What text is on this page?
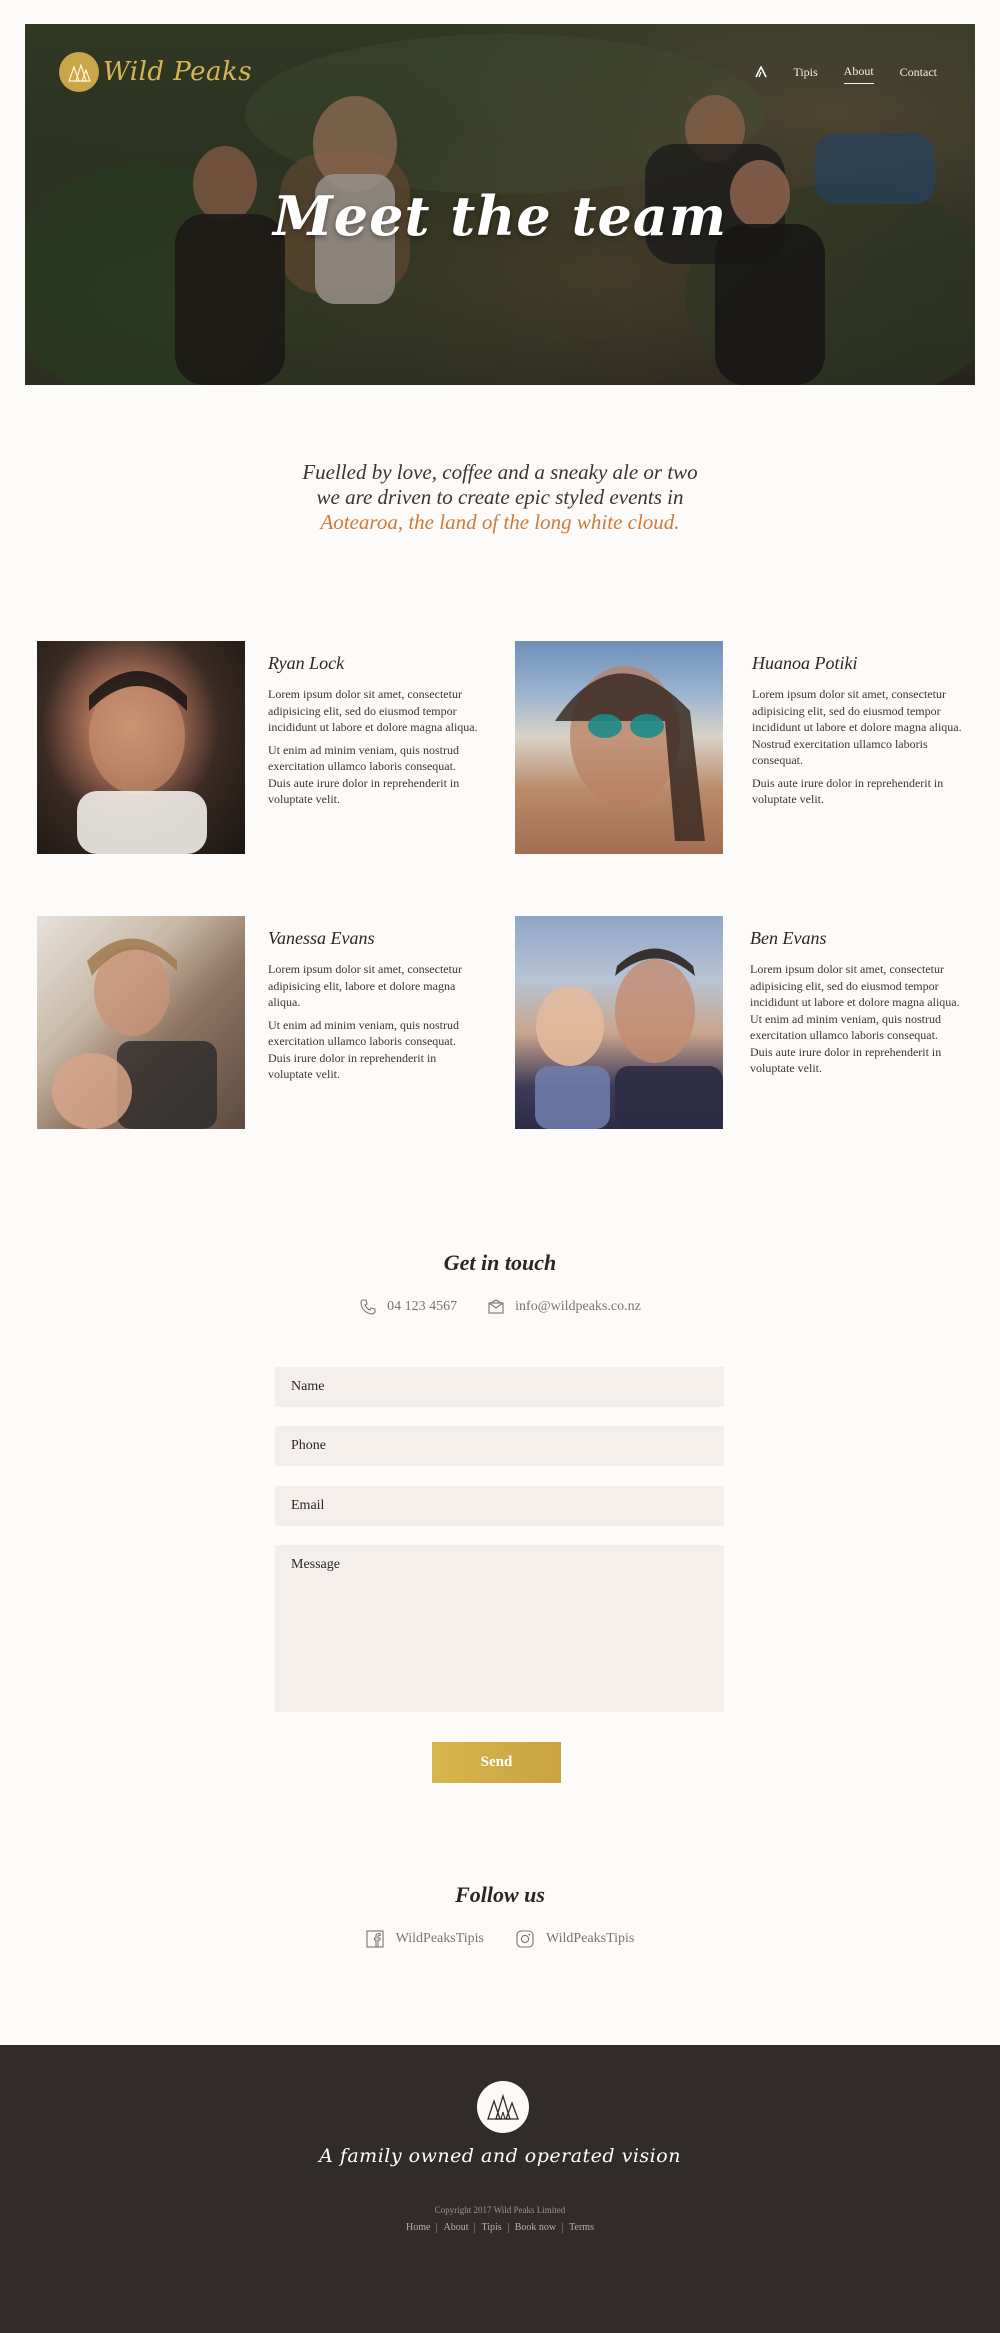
Wild Peaks	Tipis About Contact
Meet the team
Fuelled by love, coffee and a sneaky ale or two
we are driven to create epic styled events in
Aotearoa, the land of the long white cloud.
Ryan Lock

Lorem ipsum dolor sit amet, consectetur adipisicing elit, sed do eiusmod tempor incididunt ut labore et dolore magna aliqua.

Ut enim ad minim veniam, quis nostrud exercitation ullamco laboris consequat. Duis aute irure dolor in reprehenderit in voluptate velit.

Huanoa Potiki

Lorem ipsum dolor sit amet, consectetur adipisicing elit, sed do eiusmod tempor incididunt ut labore et dolore magna aliqua. Nostrud exercitation ullamco laboris consequat.

Duis aute irure dolor in reprehenderit in voluptate velit.

Vanessa Evans

Lorem ipsum dolor sit amet, consectetur adipisicing elit, labore et dolore magna aliqua.

Ut enim ad minim veniam, quis nostrud exercitation ullamco laboris consequat. Duis irure dolor in reprehenderit in voluptate velit.

Ben Evans

Lorem ipsum dolor sit amet, consectetur adipisicing elit, sed do eiusmod tempor incididunt ut labore et dolore magna aliqua. Ut enim ad minim veniam, quis nostrud exercitation ullamco laboris consequat. Duis aute irure dolor in reprehenderit in voluptate velit.

Get in touch
04 123 4567	info@wildpeaks.co.nz
Name
Phone
Email
Message
Send
Follow us
WildPeaksTipis	WildPeaksTipis
A family owned and operated vision
Copyright 2017 Wild Peaks Limited
Home	About	Tipis	Book now	Terms
